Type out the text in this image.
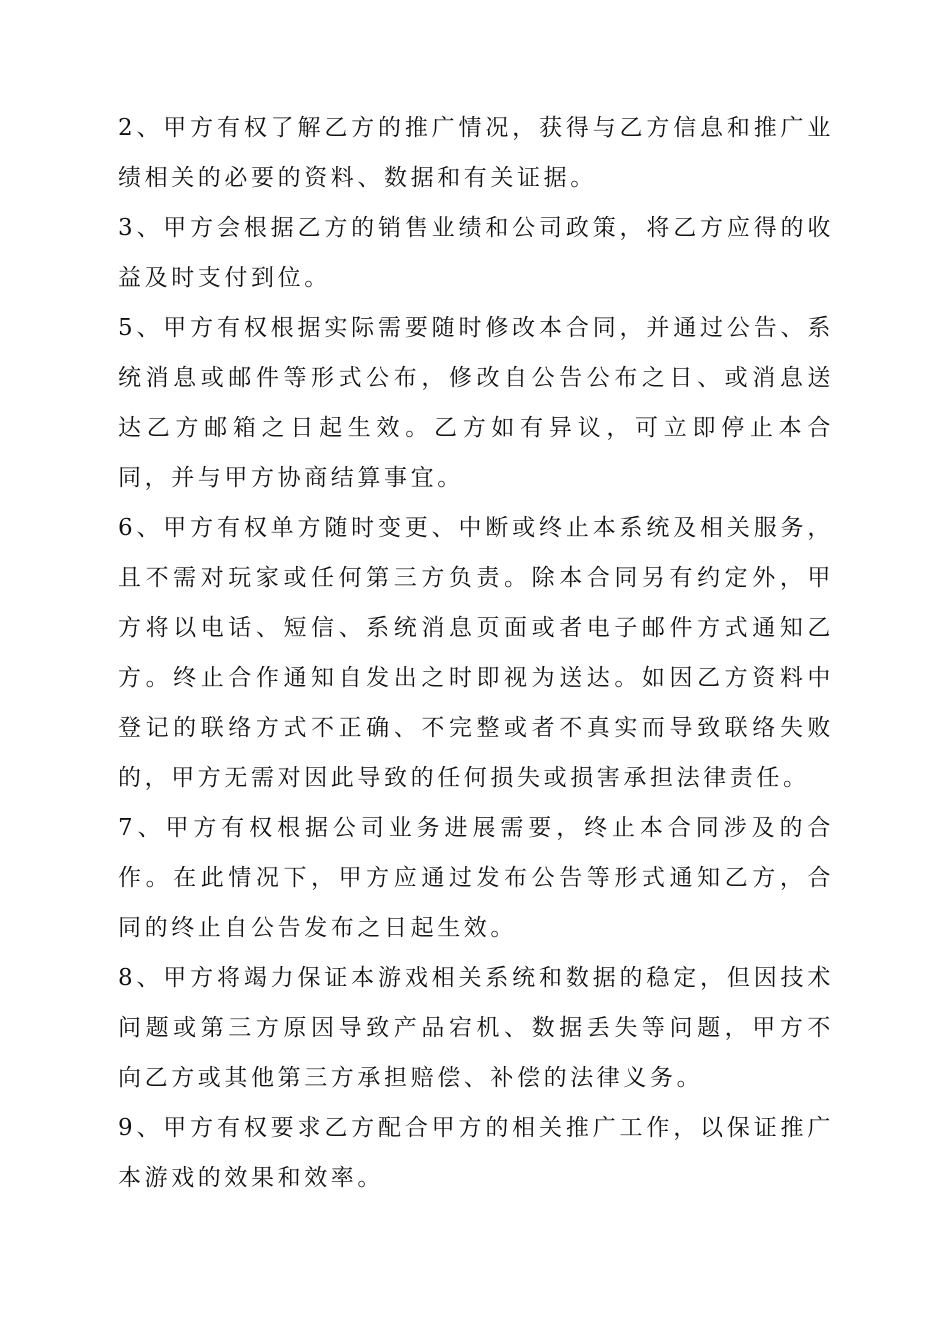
2、甲方有权了解乙方的推广情况，获得与乙方信息和推广业绩相关的必要的资料、数据和有关证据。

3、甲方会根据乙方的销售业绩和公司政策，将乙方应得的收益及时支付到位。

5、甲方有权根据实际需要随时修改本合同，并通过公告、系统消息或邮件等形式公布，修改自公告公布之日、或消息送达乙方邮箱之日起生效。乙方如有异议，可立即停止本合同，并与甲方协商结算事宜。

6、甲方有权单方随时变更、中断或终止本系统及相关服务，且不需对玩家或任何第三方负责。除本合同另有约定外，甲方将以电话、短信、系统消息页面或者电子邮件方式通知乙方。终止合作通知自发出之时即视为送达。如因乙方资料中登记的联络方式不正确、不完整或者不真实而导致联络失败的，甲方无需对因此导致的任何损失或损害承担法律责任。

7、甲方有权根据公司业务进展需要，终止本合同涉及的合作。在此情况下，甲方应通过发布公告等形式通知乙方，合同的终止自公告发布之日起生效。

8、甲方将竭力保证本游戏相关系统和数据的稳定，但因技术问题或第三方原因导致产品宕机、数据丢失等问题，甲方不向乙方或其他第三方承担赔偿、补偿的法律义务。

9、甲方有权要求乙方配合甲方的相关推广工作，以保证推广本游戏的效果和效率。
